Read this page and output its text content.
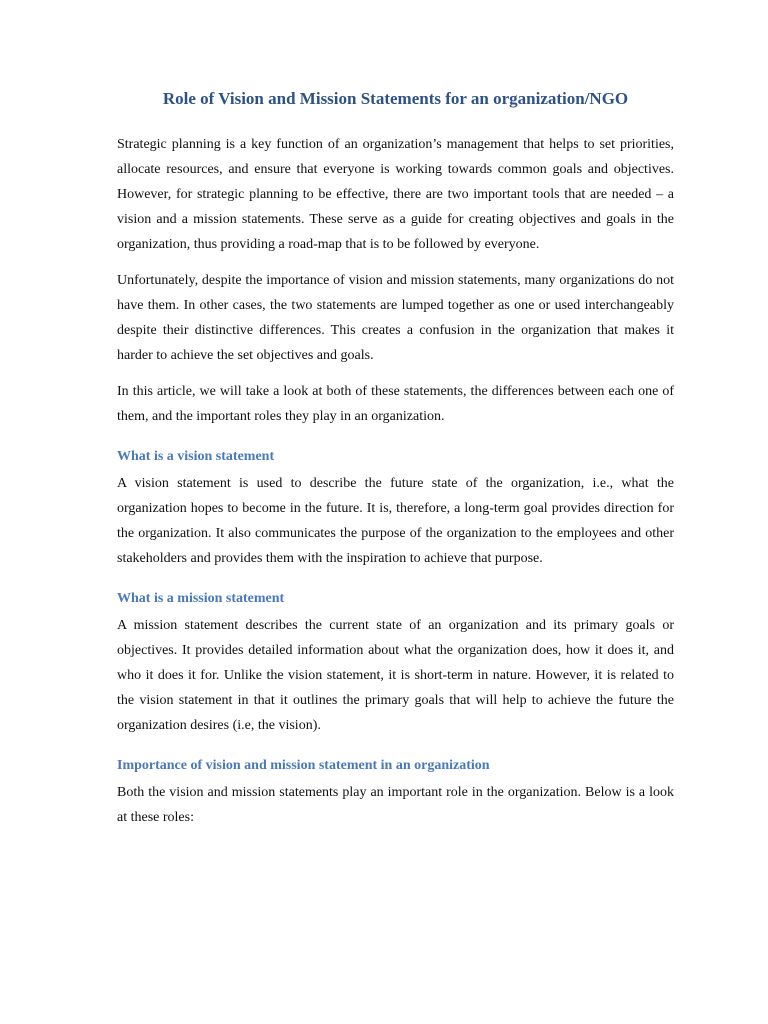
Role of Vision and Mission Statements for an organization/NGO

Strategic planning is a key function of an organization’s management that helps to set priorities, allocate resources, and ensure that everyone is working towards common goals and objectives. However, for strategic planning to be effective, there are two important tools that are needed – a vision and a mission statements. These serve as a guide for creating objectives and goals in the organization, thus providing a road-map that is to be followed by everyone.

Unfortunately, despite the importance of vision and mission statements, many organizations do not have them. In other cases, the two statements are lumped together as one or used interchangeably despite their distinctive differences. This creates a confusion in the organization that makes it harder to achieve the set objectives and goals.

In this article, we will take a look at both of these statements, the differences between each one of them, and the important roles they play in an organization.

What is a vision statement

A vision statement is used to describe the future state of the organization, i.e., what the organization hopes to become in the future. It is, therefore, a long-term goal provides direction for the organization. It also communicates the purpose of the organization to the employees and other stakeholders and provides them with the inspiration to achieve that purpose.

What is a mission statement

A mission statement describes the current state of an organization and its primary goals or objectives. It provides detailed information about what the organization does, how it does it, and who it does it for. Unlike the vision statement, it is short-term in nature. However, it is related to the vision statement in that it outlines the primary goals that will help to achieve the future the organization desires (i.e, the vision).

Importance of vision and mission statement in an organization

Both the vision and mission statements play an important role in the organization. Below is a look at these roles:
